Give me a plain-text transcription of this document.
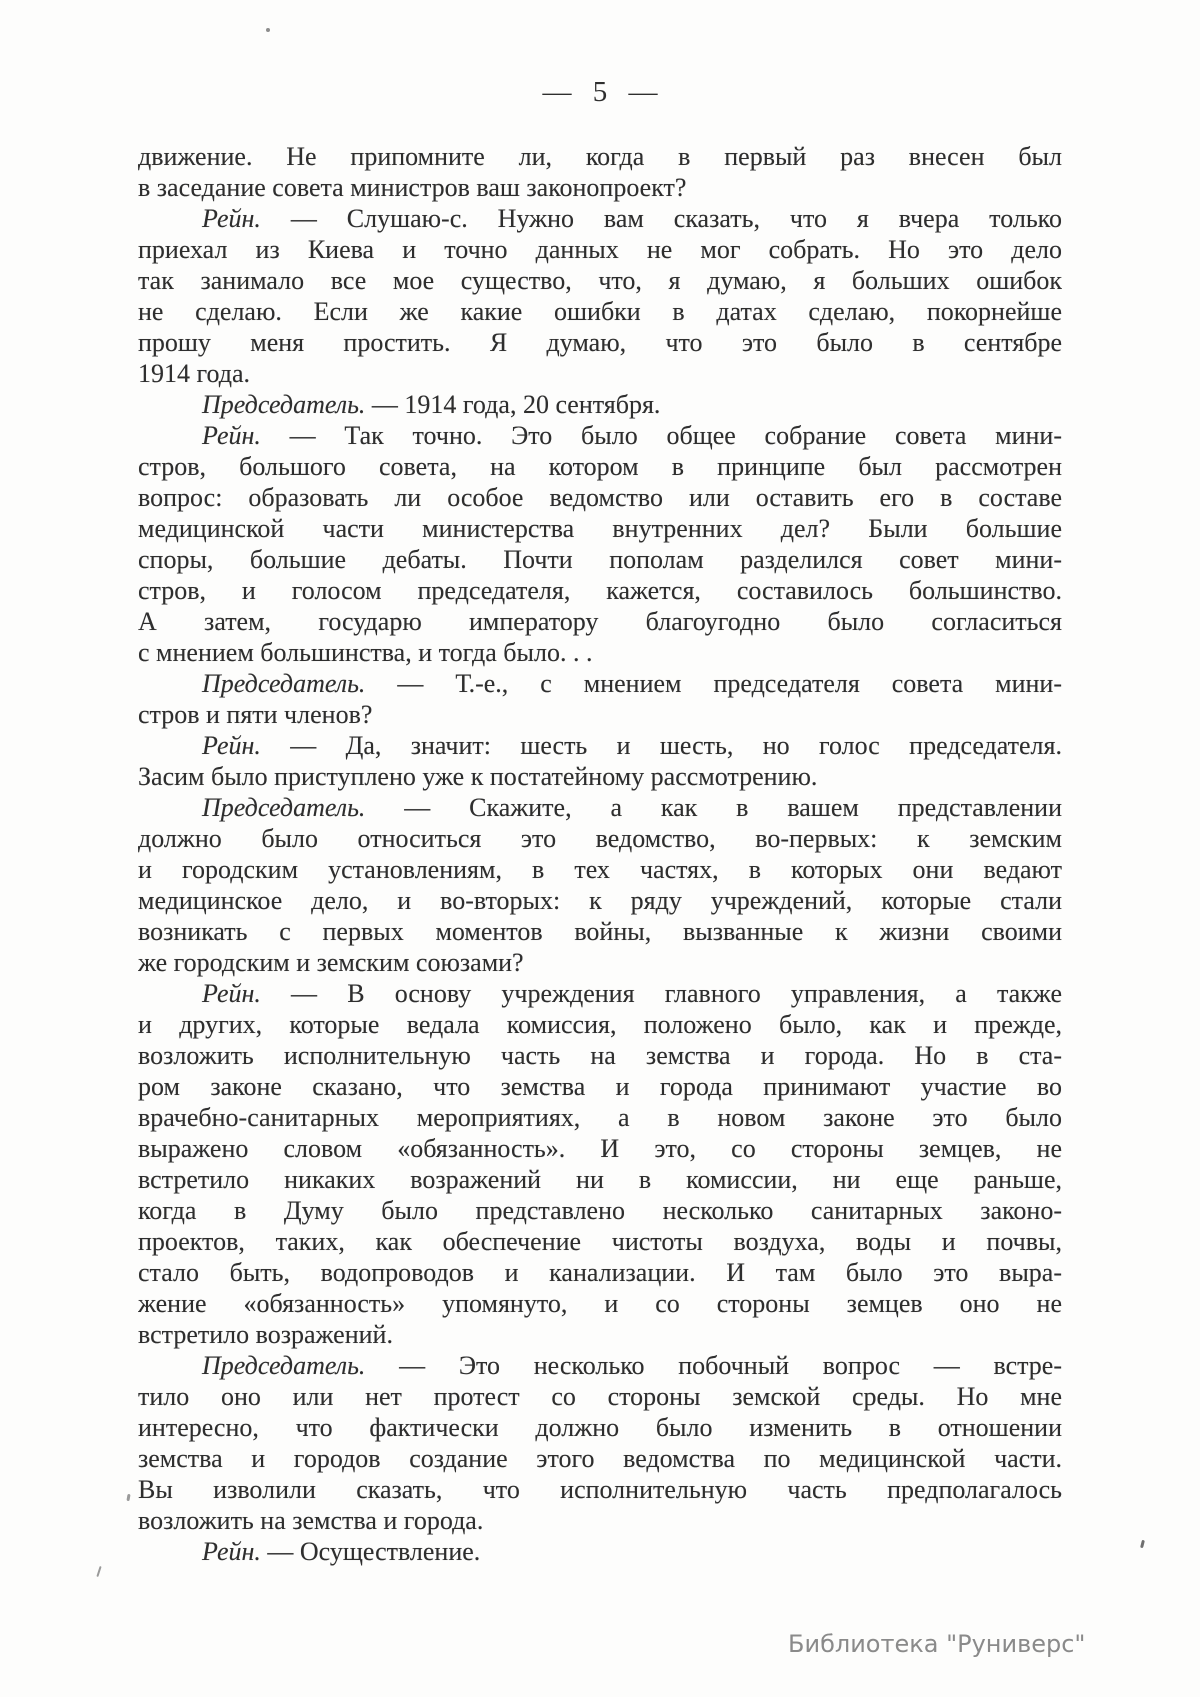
— 5 —
движение. Не припомните ли, когда в первый раз внесен был
в заседание совета министров ваш законопроект?
Рейн. — Слушаю-с. Нужно вам сказать, что я вчера только
приехал из Киева и точно данных не мог собрать. Но это дело
так занимало все мое существо, что, я думаю, я больших ошибок
не сделаю. Если же какие ошибки в датах сделаю, покорнейше
прошу меня простить. Я думаю, что это было в сентябре
1914 года.
Председатель. — 1914 года, 20 сентября.
Рейн. — Так точно. Это было общее собрание совета мини-
стров, большого совета, на котором в принципе был рассмотрен
вопрос: образовать ли особое ведомство или оставить его в составе
медицинской части министерства внутренних дел? Были большие
споры, большие дебаты. Почти пополам разделился совет мини-
стров, и голосом председателя, кажется, составилось большинство.
А затем, государю императору благоугодно было согласиться
с мнением большинства, и тогда было. . .
Председатель. — Т.-е., с мнением председателя совета мини-
стров и пяти членов?
Рейн. — Да, значит: шесть и шесть, но голос председателя.
Засим было приступлено уже к постатейному рассмотрению.
Председатель. — Скажите, а как в вашем представлении
должно было относиться это ведомство, во-первых: к земским
и городским установлениям, в тех частях, в которых они ведают
медицинское дело, и во-вторых: к ряду учреждений, которые стали
возникать с первых моментов войны, вызванные к жизни своими
же городским и земским союзами?
Рейн. — В основу учреждения главного управления, а также
и других, которые ведала комиссия, положено было, как и прежде,
возложить исполнительную часть на земства и города. Но в ста-
ром законе сказано, что земства и города принимают участие во
врачебно-санитарных мероприятиях, а в новом законе это было
выражено словом «обязанность». И это, со стороны земцев, не
встретило никаких возражений ни в комиссии, ни еще раньше,
когда в Думу было представлено несколько санитарных законо-
проектов, таких, как обеспечение чистоты воздуха, воды и почвы,
стало быть, водопроводов и канализации. И там было это выра-
жение «обязанность» упомянуто, и со стороны земцев оно не
встретило возражений.
Председатель. — Это несколько побочный вопрос — встре-
тило оно или нет протест со стороны земской среды. Но мне
интересно, что фактически должно было изменить в отношении
земства и городов создание этого ведомства по медицинской части.
Вы изволили сказать, что исполнительную часть предполагалось
возложить на земства и города.
Рейн. — Осуществление.
Библиотека "Руниверс"
